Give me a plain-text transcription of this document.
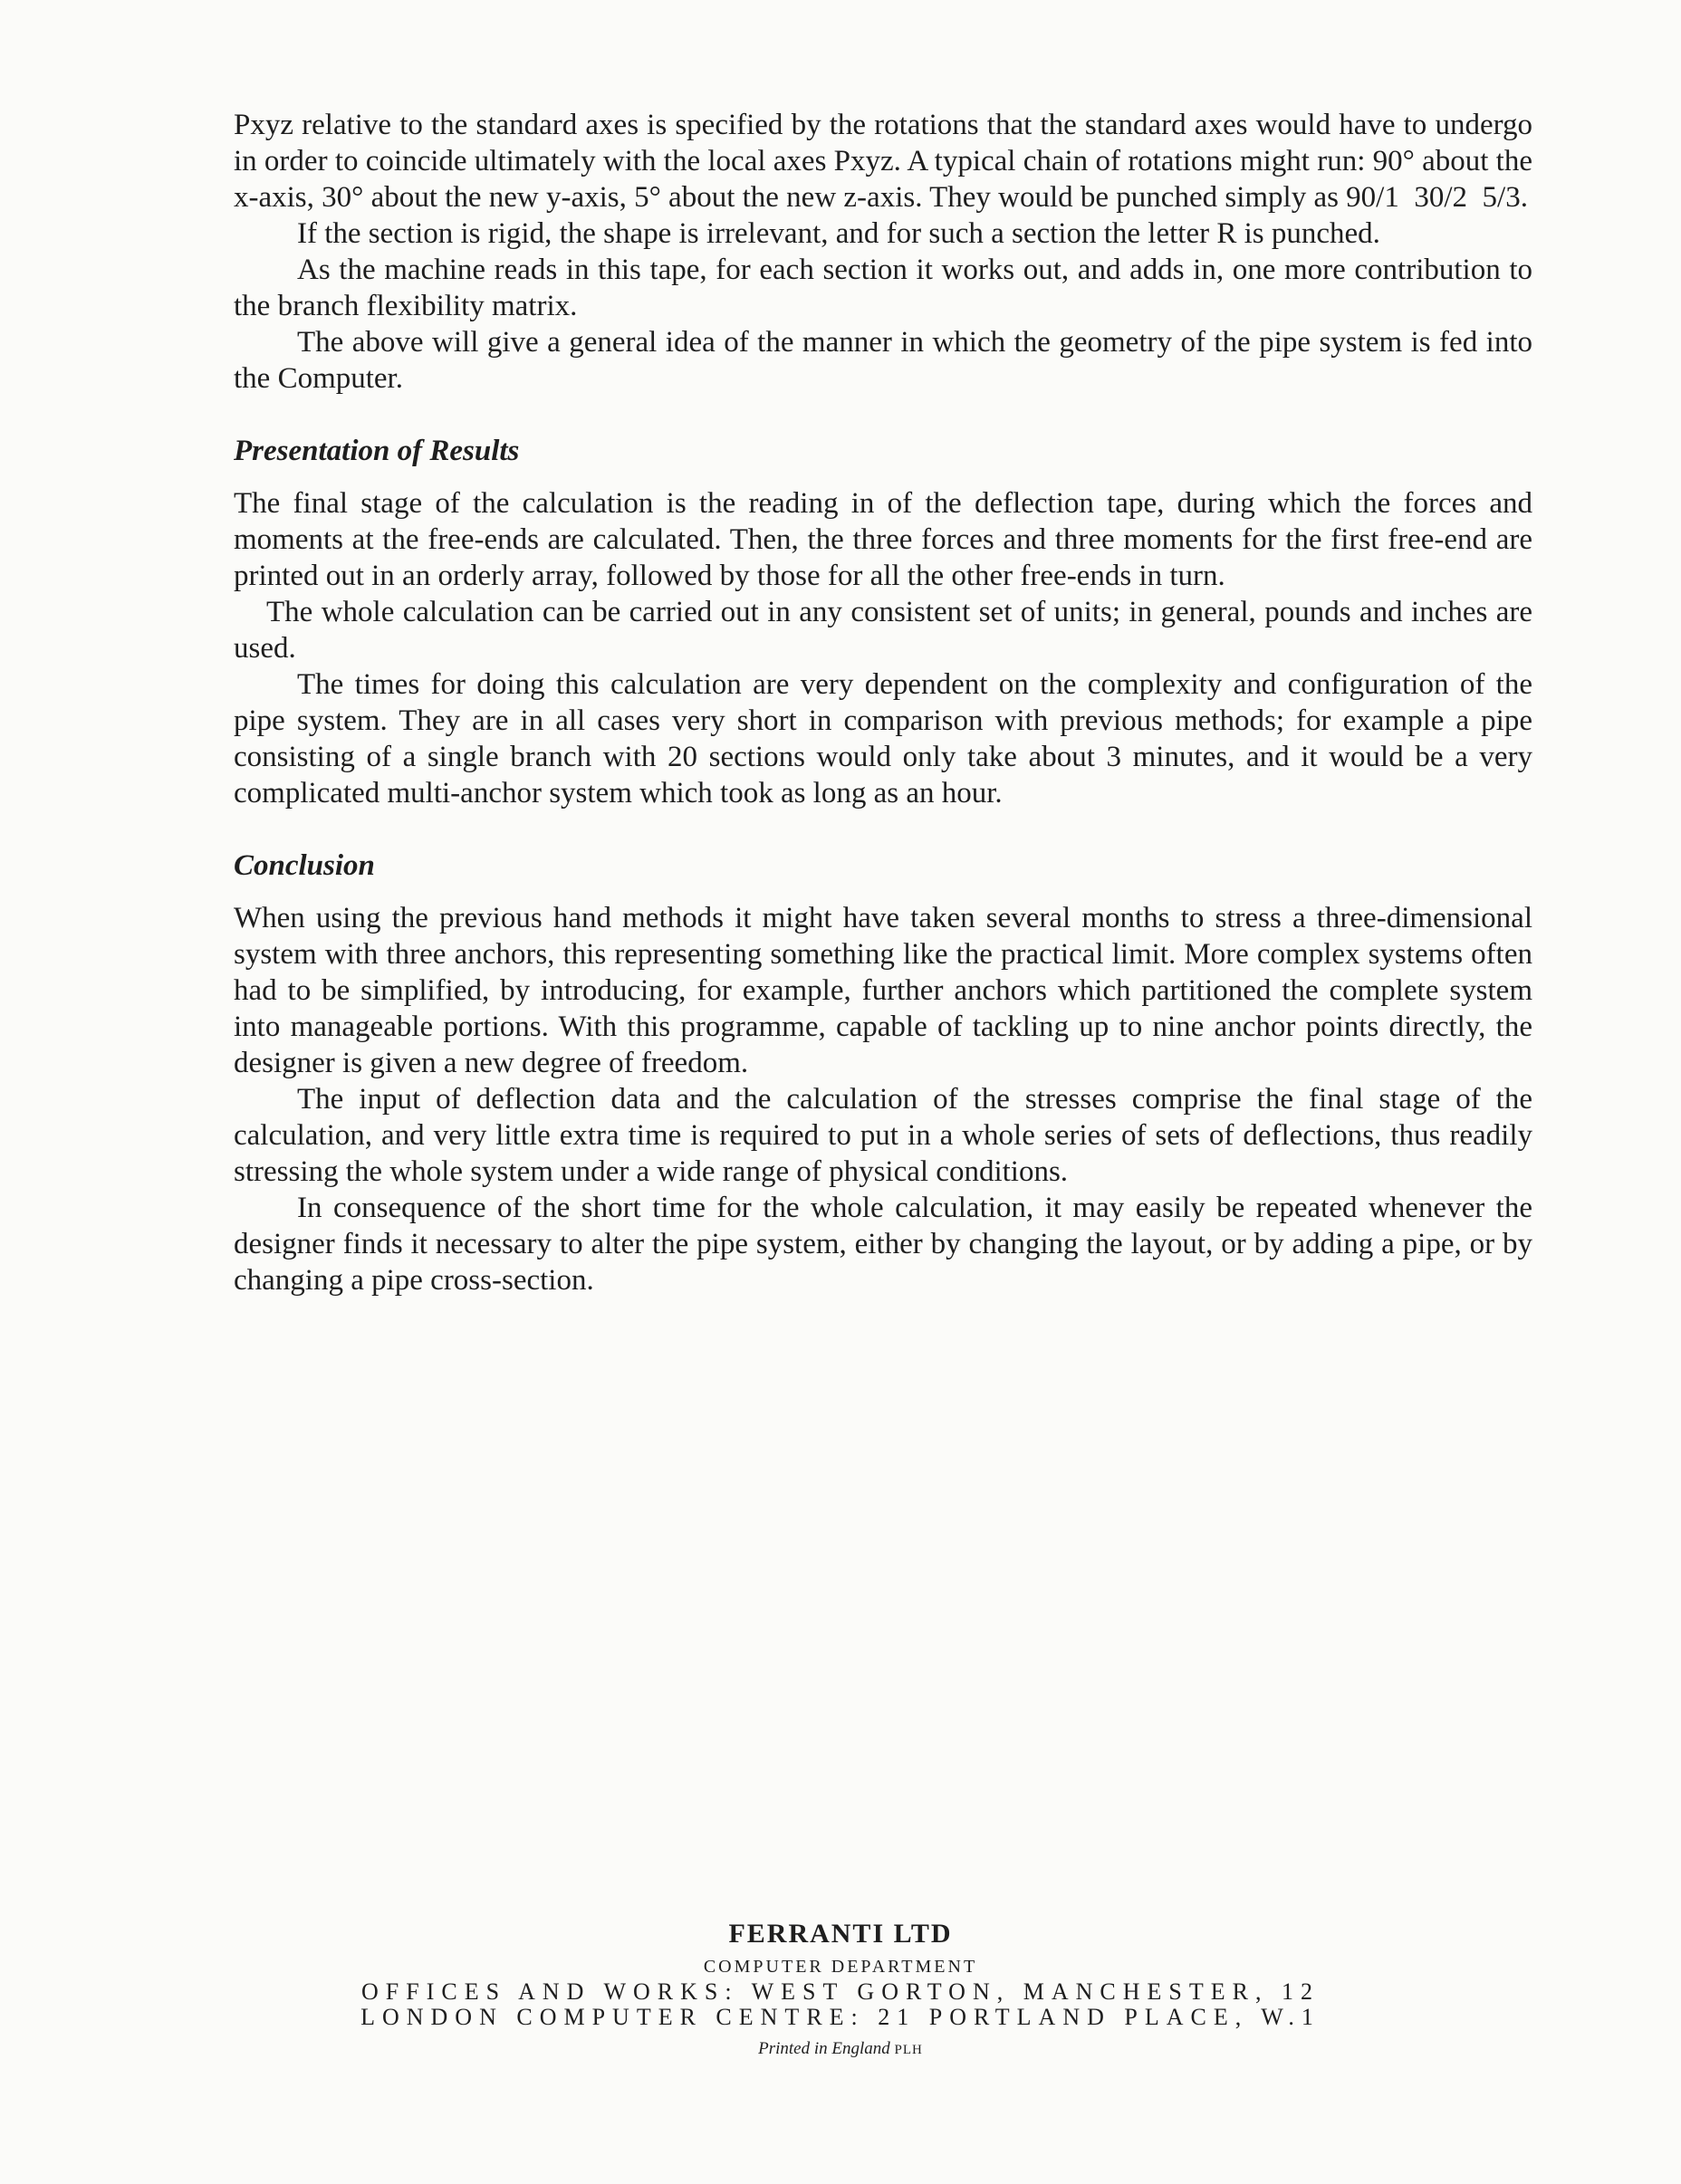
Pxyz relative to the standard axes is specified by the rotations that the standard axes would have to undergo in order to coincide ultimately with the local axes Pxyz. A typical chain of rotations might run: 90° about the x-axis, 30° about the new y-axis, 5° about the new z-axis. They would be punched simply as 90/1  30/2  5/3.

If the section is rigid, the shape is irrelevant, and for such a section the letter R is punched.

As the machine reads in this tape, for each section it works out, and adds in, one more contribution to the branch flexibility matrix.

The above will give a general idea of the manner in which the geometry of the pipe system is fed into the Computer.

Presentation of Results

The final stage of the calculation is the reading in of the deflection tape, during which the forces and moments at the free-ends are calculated. Then, the three forces and three moments for the first free-end are printed out in an orderly array, followed by those for all the other free-ends in turn.

The whole calculation can be carried out in any consistent set of units; in general, pounds and inches are used.

The times for doing this calculation are very dependent on the complexity and configuration of the pipe system. They are in all cases very short in comparison with previous methods; for example a pipe consisting of a single branch with 20 sections would only take about 3 minutes, and it would be a very complicated multi-anchor system which took as long as an hour.

Conclusion

When using the previous hand methods it might have taken several months to stress a three-dimensional system with three anchors, this representing something like the practical limit. More complex systems often had to be simplified, by introducing, for example, further anchors which partitioned the complete system into manageable portions. With this programme, capable of tackling up to nine anchor points directly, the designer is given a new degree of freedom.

The input of deflection data and the calculation of the stresses comprise the final stage of the calculation, and very little extra time is required to put in a whole series of sets of deflections, thus readily stressing the whole system under a wide range of physical conditions.

In consequence of the short time for the whole calculation, it may easily be repeated whenever the designer finds it necessary to alter the pipe system, either by changing the layout, or by adding a pipe, or by changing a pipe cross-section.

FERRANTI LTD
COMPUTER DEPARTMENT
OFFICES AND WORKS: WEST GORTON, MANCHESTER, 12
LONDON COMPUTER CENTRE: 21 PORTLAND PLACE, W.1
Printed in England PLH
